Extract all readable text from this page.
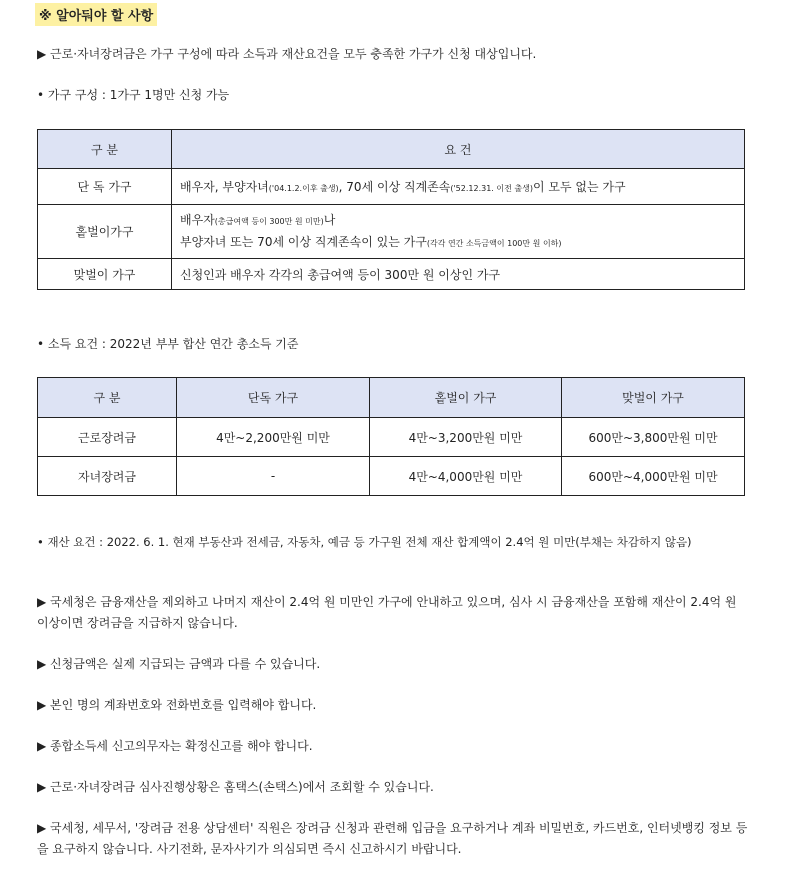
※ 알아둬야 할 사항
▶ 근로·자녀장려금은 가구 구성에 따라 소득과 재산요건을 모두 충족한 가구가 신청 대상입니다.
• 가구 구성 : 1가구 1명만 신청 가능
구 분	요 건
단 독 가구	배우자, 부양자녀('04.1.2.이후 출생), 70세 이상 직계존속('52.12.31. 이전 출생)이 모두 없는 가구
홑벌이가구	배우자(총급여액 등이 300만 원 미만)나
부양자녀 또는 70세 이상 직계존속이 있는 가구(각각 연간 소득금액이 100만 원 이하)

맞벌이 가구	신청인과 배우자 각각의 총급여액 등이 300만 원 이상인 가구
• 소득 요건 : 2022년 부부 합산 연간 총소득 기준
구 분	단독 가구	홑벌이 가구	맞벌이 가구
근로장려금	4만~2,200만원 미만	4만~3,200만원 미만	600만~3,800만원 미만
자녀장려금	-	4만~4,000만원 미만	600만~4,000만원 미만
• 재산 요건 : 2022. 6. 1. 현재 부동산과 전세금, 자동차, 예금 등 가구원 전체 재산 합계액이 2.4억 원 미만(부채는 차감하지 않음)
▶ 국세청은 금융재산을 제외하고 나머지 재산이 2.4억 원 미만인 가구에 안내하고 있으며, 심사 시 금융재산을 포함해 재산이 2.4억 원 이상이면 장려금을 지급하지 않습니다.
▶ 신청금액은 실제 지급되는 금액과 다를 수 있습니다.
▶ 본인 명의 계좌번호와 전화번호를 입력해야 합니다.
▶ 종합소득세 신고의무자는 확정신고를 해야 합니다.
▶ 근로·자녀장려금 심사진행상황은 홈택스(손택스)에서 조회할 수 있습니다.
▶ 국세청, 세무서, '장려금 전용 상담센터' 직원은 장려금 신청과 관련해 입금을 요구하거나 계좌 비밀번호, 카드번호, 인터넷뱅킹 정보 등을 요구하지 않습니다. 사기전화, 문자사기가 의심되면 즉시 신고하시기 바랍니다.
